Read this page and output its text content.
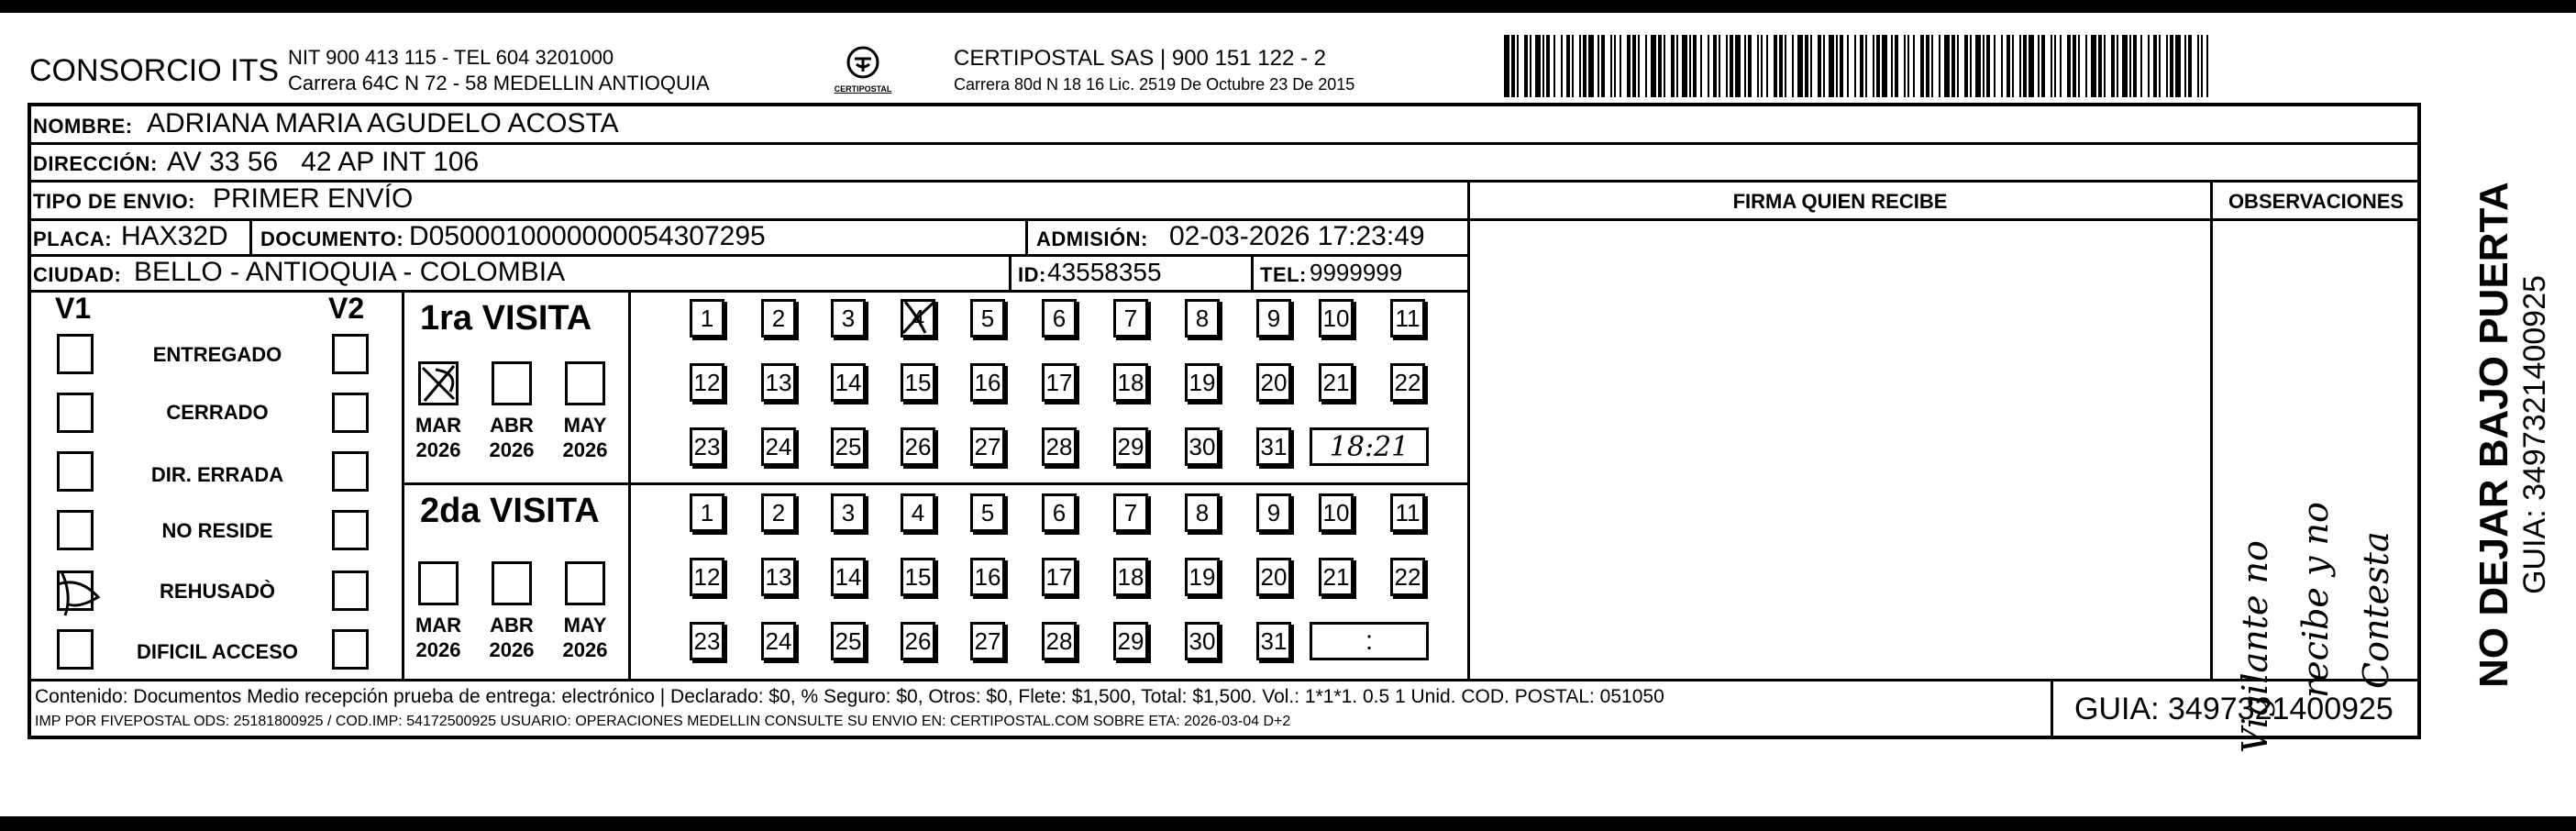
CONSORCIO ITS NIT 900 413 115 - TEL 604 3201000
Carrera 64C N 72 - 58 MEDELLIN ANTIOQUIA	CERTIPOSTAL
CERTIPOSTAL SAS | 900 151 122 - 2
Carrera 80d N 18 16 Lic. 2519 De Octubre 23 De 2015
NOMBRE: ADRIANA MARIA AGUDELO ACOSTA
DIRECCIÓN: AV 33 56   42 AP INT 106
TIPO DE ENVIO: PRIMER ENVÍO
PLACA: HAX32D DOCUMENTO: D0500010000000054307295	ADMISIÓN: 02-03-2026 17:23:49
CIUDAD: BELLO - ANTIOQUIA - COLOMBIA	ID: 43558355	TEL: 9999999
FIRMA QUIEN RECIBE	OBSERVACIONES
V1	V2
ENTREGADO
CERRADO
DIR. ERRADA
NO RESIDE
REHUSADÒ
DIFICIL ACCESO
1ra VISITA
MAR
2026
ABR
2026
MAY
2026
1 2 3 4 5 6 7 8 9 10 11
12 13 14 15 16 17 18 19 20 21 22
23 24 25 26 27 28 29 30 31 18:21
2da VISITA
MAR
2026
ABR
2026
MAY
2026
1 2 3 4 5 6 7 8 9 10 11
12 13 14 15 16 17 18 19 20 21 22
23 24 25 26 27 28 29 30 31	:	Vigilante no recibe y no Contesta NO DEJAR BAJO PUERTA GUIA: 3497321400925
Contenido: Documentos Medio recepción prueba de entrega: electrónico | Declarado: $0, % Seguro: $0, Otros: $0, Flete: $1,500, Total: $1,500. Vol.: 1*1*1. 0.5 1 Unid. COD. POSTAL: 051050
IMP POR FIVEPOSTAL ODS: 25181800925 / COD.IMP: 54172500925 USUARIO: OPERACIONES MEDELLIN CONSULTE SU ENVIO EN: CERTIPOSTAL.COM SOBRE ETA: 2026-03-04 D+2	GUIA: 3497321400925
